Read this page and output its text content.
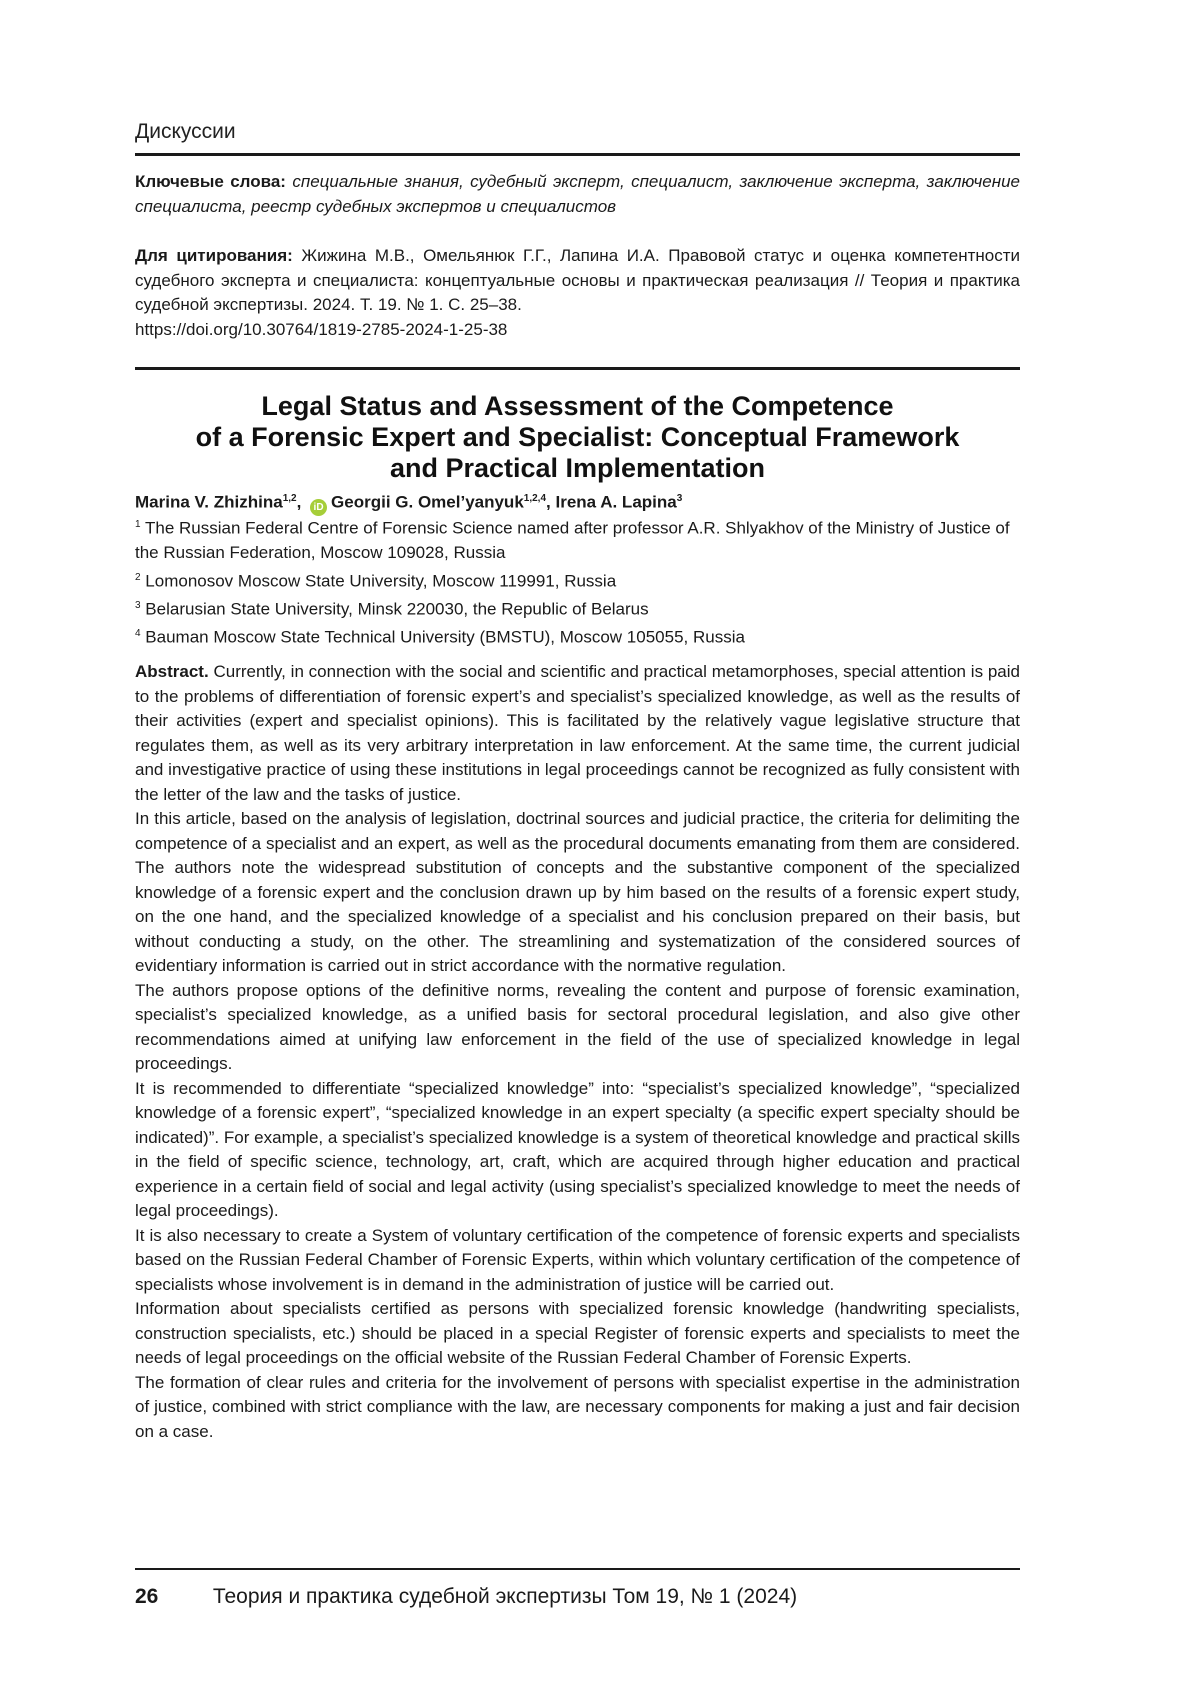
Дискуссии
Ключевые слова: специальные знания, судебный эксперт, специалист, заключение эксперта, заключение специалиста, реестр судебных экспертов и специалистов
Для цитирования: Жижина М.В., Омельянюк Г.Г., Лапина И.А. Правовой статус и оценка компетентности судебного эксперта и специалиста: концептуальные основы и практическая реализация // Теория и практика судебной экспертизы. 2024. Т. 19. № 1. С. 25–38.
https://doi.org/10.30764/1819-2785-2024-1-25-38
Legal Status and Assessment of the Competence
of a Forensic Expert and Specialist: Conceptual Framework
and Practical Implementation
Marina V. Zhizhina$^{1,2}$, iD Georgii G. Omel’yanyuk$^{1,2,4}$, Irena A. Lapina$^3$
$^1$ The Russian Federal Centre of Forensic Science named after professor A.R. Shlyakhov of the Ministry of Justice of the Russian Federation, Moscow 109028, Russia
$^2$ Lomonosov Moscow State University, Moscow 119991, Russia
$^3$ Belarusian State University, Minsk 220030, the Republic of Belarus
$^4$ Bauman Moscow State Technical University (BMSTU), Moscow 105055, Russia

Abstract. Currently, in connection with the social and scientific and practical metamorphoses, special attention is paid to the problems of differentiation of forensic expert’s and specialist’s specialized knowledge, as well as the results of their activities (expert and specialist opinions). This is facilitated by the relatively vague legislative structure that regulates them, as well as its very arbitrary interpretation in law enforcement. At the same time, the current judicial and investigative practice of using these institutions in legal proceedings cannot be recognized as fully consistent with the letter of the law and the tasks of justice.

In this article, based on the analysis of legislation, doctrinal sources and judicial practice, the criteria for delimiting the competence of a specialist and an expert, as well as the procedural documents emanating from them are considered. The authors note the widespread substitution of concepts and the substantive component of the specialized knowledge of a forensic expert and the conclusion drawn up by him based on the results of a forensic expert study, on the one hand, and the specialized knowledge of a specialist and his conclusion prepared on their basis, but without conducting a study, on the other. The streamlining and systematization of the considered sources of evidentiary information is carried out in strict accordance with the normative regulation.

The authors propose options of the definitive norms, revealing the content and purpose of forensic examination, specialist’s specialized knowledge, as a unified basis for sectoral procedural legislation, and also give other recommendations aimed at unifying law enforcement in the field of the use of specialized knowledge in legal proceedings.

It is recommended to differentiate “specialized knowledge” into: “specialist’s specialized knowledge”, “specialized knowledge of a forensic expert”, “specialized knowledge in an expert specialty (a specific expert specialty should be indicated)”. For example, a specialist’s specialized knowledge is a system of theoretical knowledge and practical skills in the field of specific science, technology, art, craft, which are acquired through higher education and practical experience in a certain field of social and legal activity (using specialist’s specialized knowledge to meet the needs of legal proceedings).

It is also necessary to create a System of voluntary certification of the competence of forensic experts and specialists based on the Russian Federal Chamber of Forensic Experts, within which voluntary certification of the competence of specialists whose involvement is in demand in the administration of justice will be carried out.

Information about specialists certified as persons with specialized forensic knowledge (handwriting specialists, construction specialists, etc.) should be placed in a special Register of forensic experts and specialists to meet the needs of legal proceedings on the official website of the Russian Federal Chamber of Forensic Experts.

The formation of clear rules and criteria for the involvement of persons with specialist expertise in the administration of justice, combined with strict compliance with the law, are necessary components for making a just and fair decision on a case.

26	Теория и практика судебной экспертизы Том 19, № 1 (2024)
